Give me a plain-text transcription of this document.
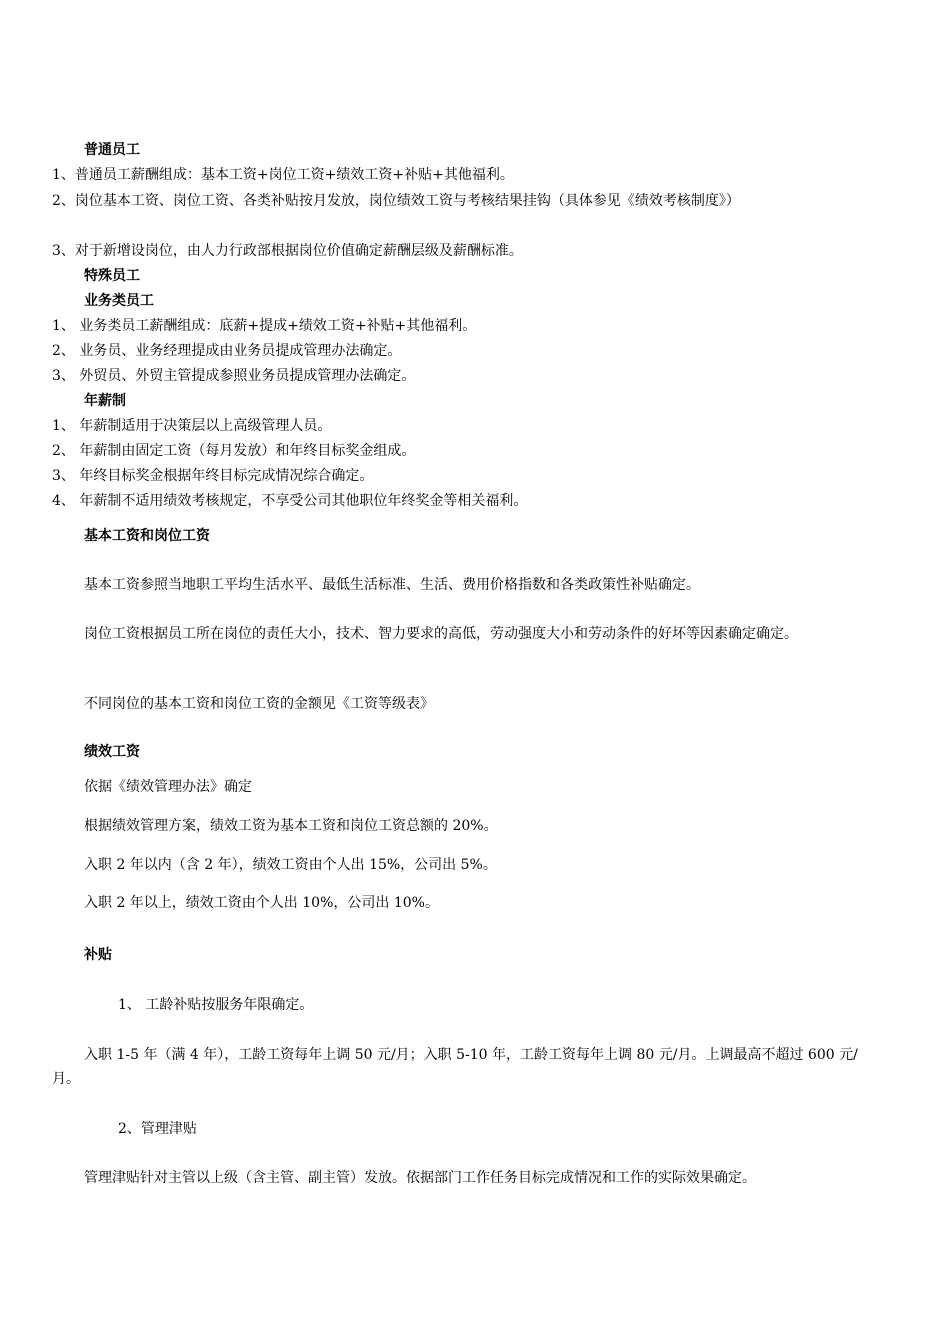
普通员工
1、普通员工薪酬组成：基本工资+岗位工资+绩效工资+补贴+其他福利。
2、岗位基本工资、岗位工资、各类补贴按月发放，岗位绩效工资与考核结果挂钩（具体参见《绩效考核制度》）
3、对于新增设岗位，由人力行政部根据岗位价值确定薪酬层级及薪酬标准。
特殊员工
业务类员工
1、 业务类员工薪酬组成：底薪+提成+绩效工资+补贴+其他福利。
2、 业务员、业务经理提成由业务员提成管理办法确定。
3、 外贸员、外贸主管提成参照业务员提成管理办法确定。
年薪制
1、 年薪制适用于决策层以上高级管理人员。
2、 年薪制由固定工资（每月发放）和年终目标奖金组成。
3、 年终目标奖金根据年终目标完成情况综合确定。
4、 年薪制不适用绩效考核规定，不享受公司其他职位年终奖金等相关福利。
基本工资和岗位工资
基本工资参照当地职工平均生活水平、最低生活标准、生活、费用价格指数和各类政策性补贴确定。
岗位工资根据员工所在岗位的责任大小，技术、智力要求的高低，劳动强度大小和劳动条件的好坏等因素确定确定。
不同岗位的基本工资和岗位工资的金额见《工资等级表》
绩效工资
依据《绩效管理办法》确定
根据绩效管理方案，绩效工资为基本工资和岗位工资总额的 20%。
入职 2 年以内（含 2 年），绩效工资由个人出 15%，公司出 5%。
入职 2 年以上，绩效工资由个人出 10%，公司出 10%。
补贴
1、 工龄补贴按服务年限确定。
入职 1-5 年（满 4 年），工龄工资每年上调 50 元/月；入职 5-10 年，工龄工资每年上调 80 元/月。上调最高不超过 600 元/月。
2、管理津贴
管理津贴针对主管以上级（含主管、副主管）发放。依据部门工作任务目标完成情况和工作的实际效果确定。
